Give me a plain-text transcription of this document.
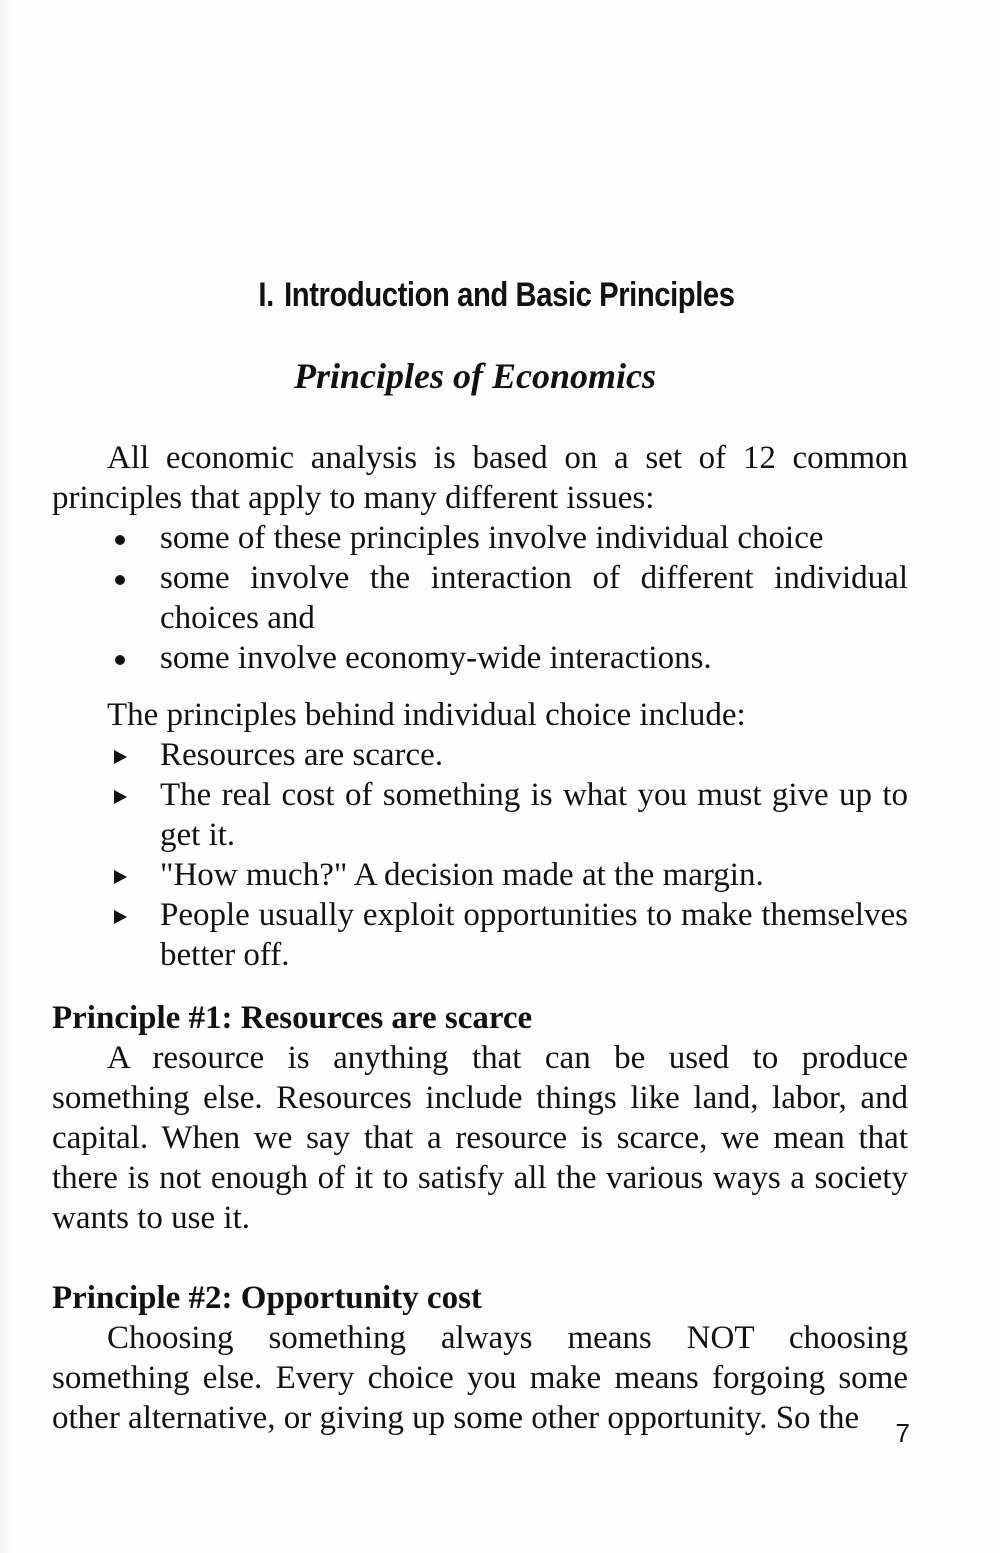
I. Introduction and Basic Principles
Principles of Economics

All economic analysis is based on a set of 12 common principles that apply to many different issues:

some of these principles involve individual choice
some involve the interaction of different individual choices and
some involve economy-wide interactions.

The principles behind individual choice include:

Resources are scarce.
The real cost of something is what you must give up to get it.
"How much?" A decision made at the margin.
People usually exploit opportunities to make themselves better off.
Principle #1: Resources are scarce

A resource is anything that can be used to produce something else. Resources include things like land, labor, and capital. When we say that a resource is scarce, we mean that there is not enough of it to satisfy all the various ways a society wants to use it.

Principle #2: Opportunity cost

Choosing something always means NOT choosing something else. Every choice you make means forgoing some other alternative, or giving up some other opportunity. So the	7
